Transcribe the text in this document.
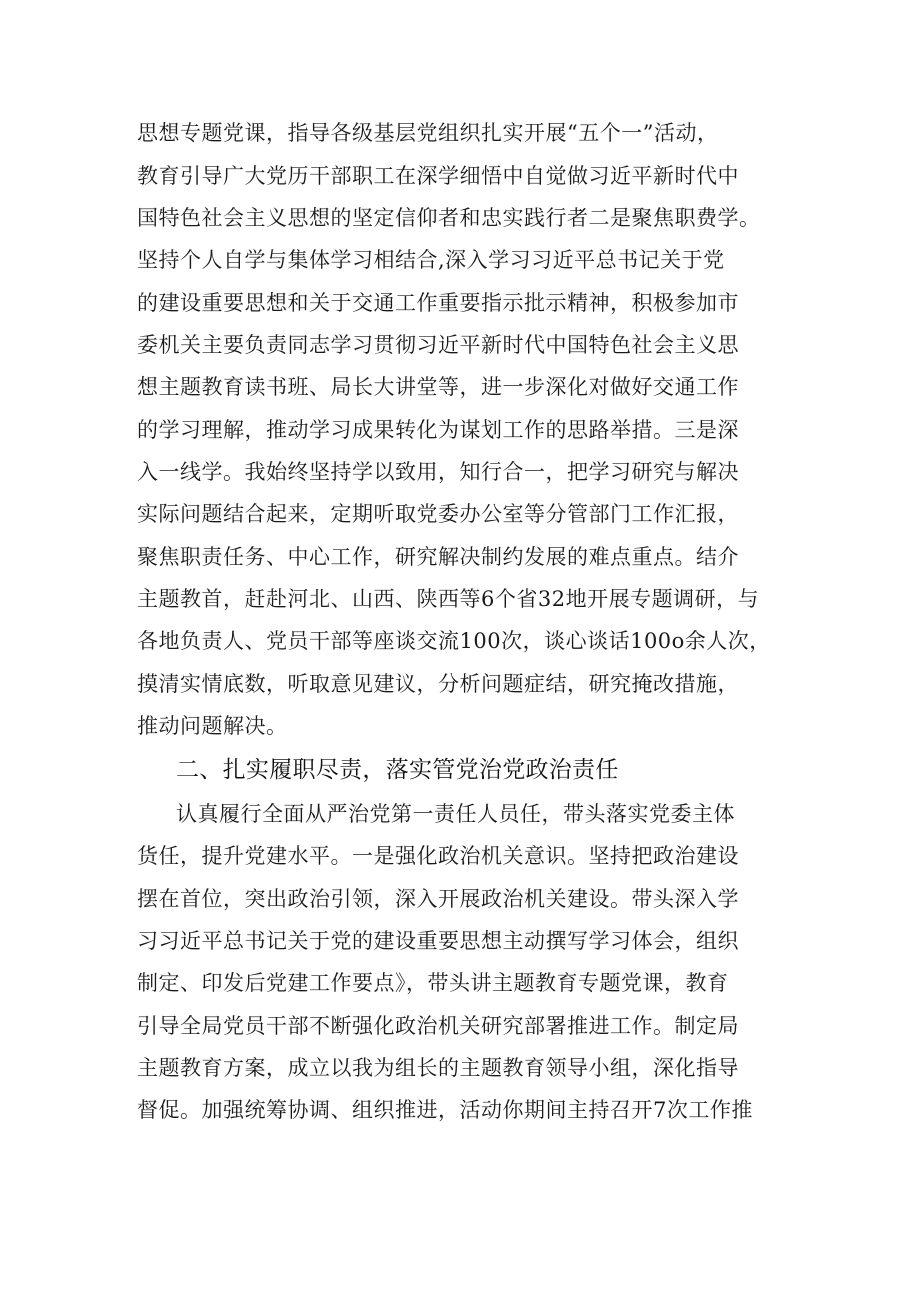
思想专题党课，指导各级基层党组织扎实开展“五个一”活动，
教育引导广大党历干部职工在深学细悟中自觉做习近平新时代中
国特色社会主义思想的坚定信仰者和忠实践行者二是聚焦职费学。
坚持个人自学与集体学习相结合,深入学习习近平总书记关于党
的建设重要思想和关于交通工作重要指示批示精神，积极参加市
委机关主要负责同志学习贯彻习近平新时代中国特色社会主义思
想主题教育读书班、局长大讲堂等，进一步深化对做好交通工作
的学习理解，推动学习成果转化为谋划工作的思路举措。三是深
入一线学。我始终坚持学以致用，知行合一，把学习研究与解决
实际问题结合起来，定期听取党委办公室等分管部门工作汇报，
聚焦职责任务、中心工作，研究解决制约发展的难点重点。结介
主题教首，赶赴河北、山西、陕西等6个省32地开展专题调研，与
各地负责人、党员干部等座谈交流100次，谈心谈话100o余人次，
摸清实情底数，听取意见建议，分析问题症结，研究掩改措施，
推动问题解决。
二、扎实履职尽责，落实管党治党政治责任
认真履行全面从严治党第一责任人员任，带头落实党委主体
货任，提升党建水平。一是强化政治机关意识。坚持把政治建设
摆在首位，突出政治引领，深入开展政治机关建设。带头深入学
习习近平总书记关于党的建设重要思想主动撰写学习体会，组织
制定、印发后党建工作要点》，带头讲主题教育专题党课，教育
引导全局党员干部不断强化政治机关研究部署推进工作。制定局
主题教育方案，成立以我为组长的主题教育领导小组，深化指导
督促。加强统筹协调、组织推进，活动你期间主持召开7次工作推
